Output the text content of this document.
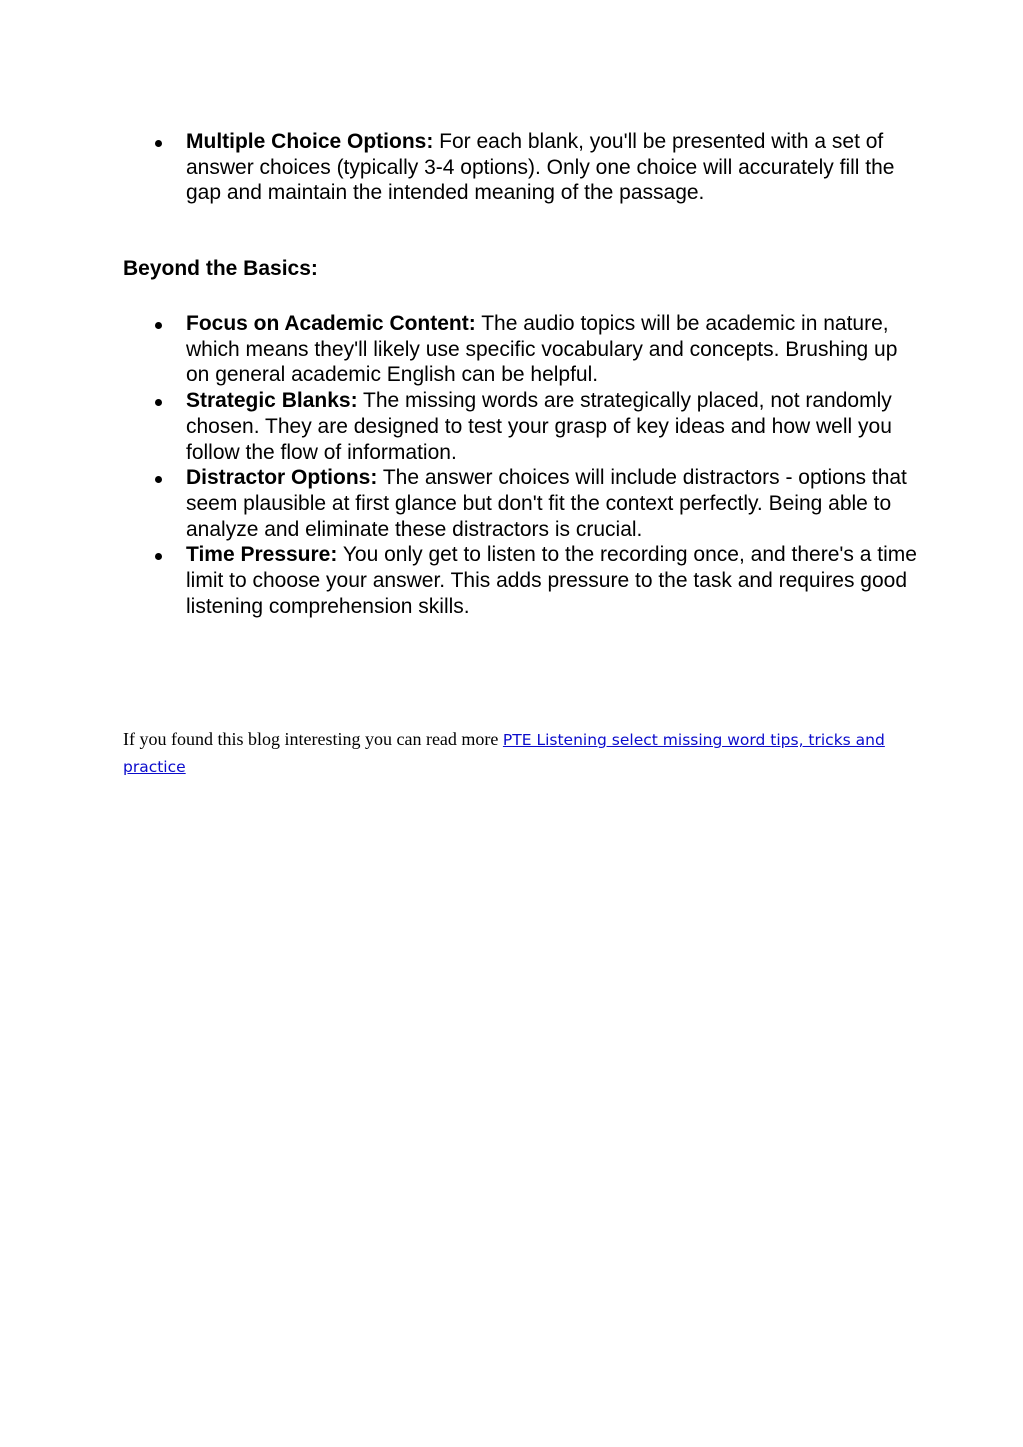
Multiple Choice Options: For each blank, you'll be presented with a set of answer choices (typically 3-4 options). Only one choice will accurately fill the gap and maintain the intended meaning of the passage.
Beyond the Basics:
Focus on Academic Content: The audio topics will be academic in nature, which means they'll likely use specific vocabulary and concepts. Brushing up on general academic English can be helpful.
Strategic Blanks: The missing words are strategically placed, not randomly chosen. They are designed to test your grasp of key ideas and how well you follow the flow of information.
Distractor Options: The answer choices will include distractors - options that seem plausible at first glance but don't fit the context perfectly. Being able to analyze and eliminate these distractors is crucial.
Time Pressure: You only get to listen to the recording once, and there's a time limit to choose your answer. This adds pressure to the task and requires good listening comprehension skills.

If you found this blog interesting you can read more PTE Listening select missing word tips, tricks and practice
